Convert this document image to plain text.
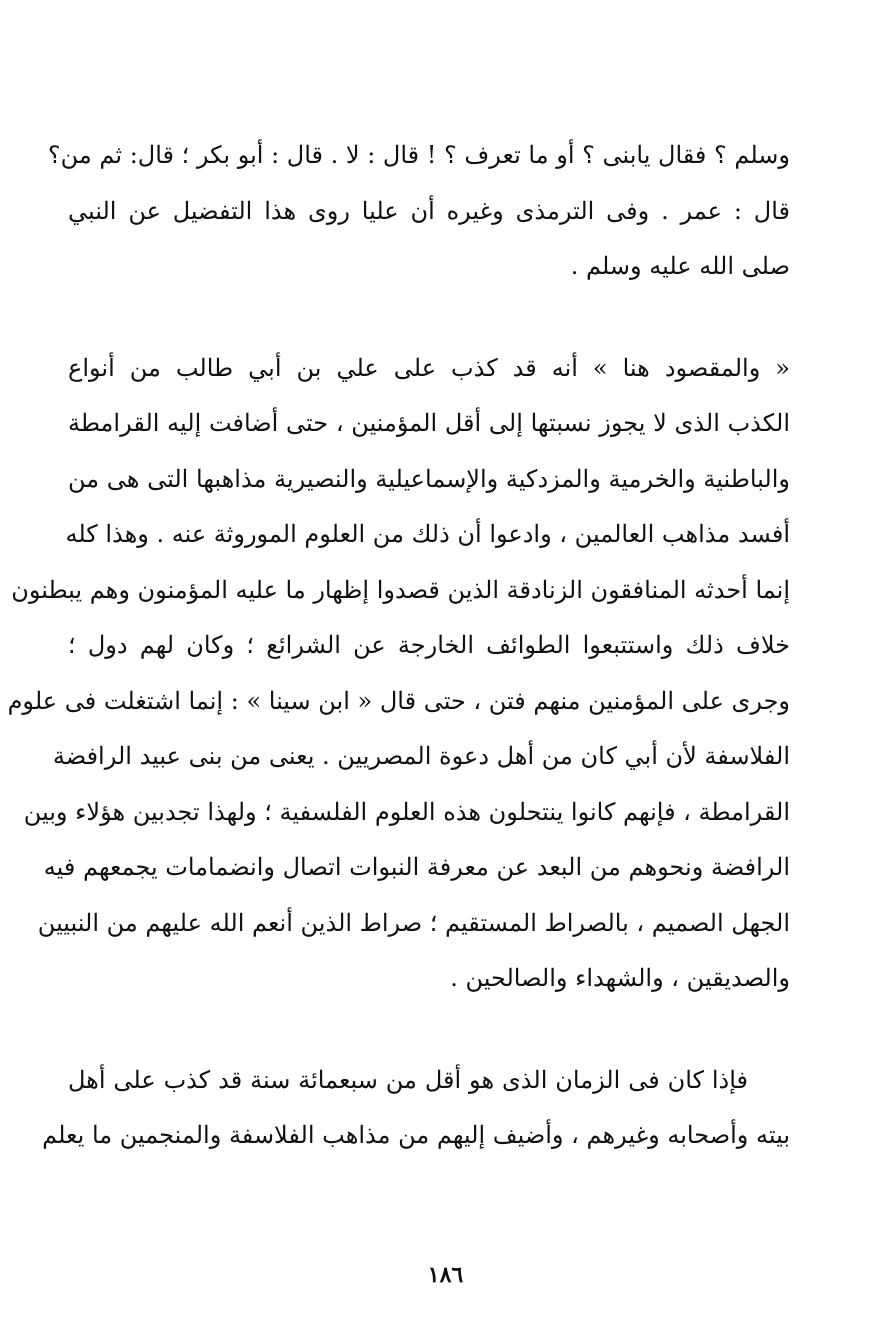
وسلم ؟ فقال يابنى ؟ أو ما تعرف ؟ ! قال : لا . قال : أبو بكر ؛ قال: ثم من؟
قال : عمر . وفى الترمذى وغيره أن عليا روى هذا التفضيل عن النبي
صلى الله عليه وسلم .
« والمقصود هنا » أنه قد كذب على علي بن أبي طالب من أنواع
الكذب الذى لا يجوز نسبتها إلى أقل المؤمنين ، حتى أضافت إليه القرامطة
والباطنية والخرمية والمزدكية والإسماعيلية والنصيرية مذاهبها التى هى من
أفسد مذاهب العالمين ، وادعوا أن ذلك من العلوم الموروثة عنه . وهذا كله
إنما أحدثه المنافقون الزنادقة الذين قصدوا إظهار ما عليه المؤمنون وهم يبطنون
خلاف ذلك واستتبعوا الطوائف الخارجة عن الشرائع ؛ وكان لهم دول ؛
وجرى على المؤمنين منهم فتن ، حتى قال « ابن سينا » : إنما اشتغلت فى علوم
الفلاسفة لأن أبي كان من أهل دعوة المصريين . يعنى من بنى عبيد الرافضة
القرامطة ، فإنهم كانوا ينتحلون هذه العلوم الفلسفية ؛ ولهذا تجدبين هؤلاء وبين
الرافضة ونحوهم من البعد عن معرفة النبوات اتصال وانضمامات يجمعهم فيه
الجهل الصميم ، بالصراط المستقيم ؛ صراط الذين أنعم الله عليهم من النبيين
والصديقين ، والشهداء والصالحين .
فإذا كان فى الزمان الذى هو أقل من سبعمائة سنة قد كذب على أهل
بيته وأصحابه وغيرهم ، وأضيف إليهم من مذاهب الفلاسفة والمنجمين ما يعلم
١٨٦
